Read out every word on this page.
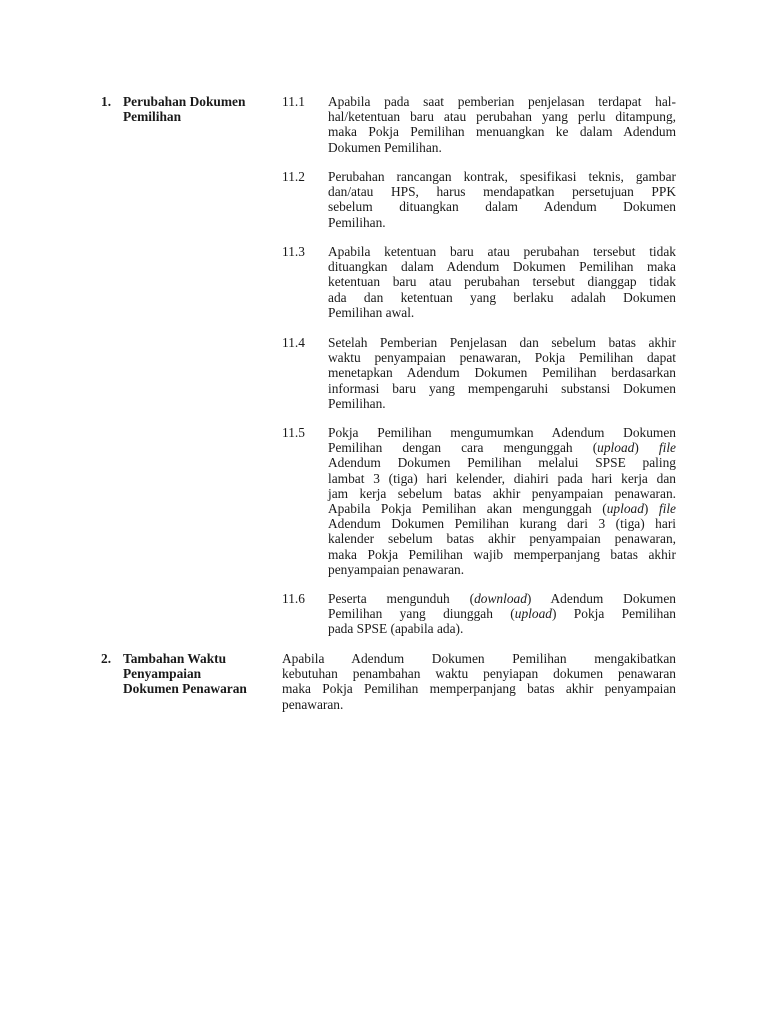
1. Perubahan Dokumen
Pemilihan
11.1 Apabila pada saat pemberian penjelasan terdapat hal-
hal/ketentuan baru atau perubahan yang perlu ditampung,
maka Pokja Pemilihan menuangkan ke dalam Adendum
Dokumen Pemilihan.
11.2 Perubahan rancangan kontrak, spesifikasi teknis, gambar
dan/atau HPS, harus mendapatkan persetujuan PPK
sebelum dituangkan dalam Adendum Dokumen
Pemilihan.
11.3 Apabila ketentuan baru atau perubahan tersebut tidak
dituangkan dalam Adendum Dokumen Pemilihan maka
ketentuan baru atau perubahan tersebut dianggap tidak
ada dan ketentuan yang berlaku adalah Dokumen
Pemilihan awal.
11.4 Setelah Pemberian Penjelasan dan sebelum batas akhir
waktu penyampaian penawaran, Pokja Pemilihan dapat
menetapkan Adendum Dokumen Pemilihan berdasarkan
informasi baru yang mempengaruhi substansi Dokumen
Pemilihan.
11.5 Pokja Pemilihan mengumumkan Adendum Dokumen
Pemilihan dengan cara mengunggah (upload) file
Adendum Dokumen Pemilihan melalui SPSE paling
lambat 3 (tiga) hari kelender, diahiri pada hari kerja dan
jam kerja sebelum batas akhir penyampaian penawaran.
Apabila Pokja Pemilihan akan mengunggah (upload) file
Adendum Dokumen Pemilihan kurang dari 3 (tiga) hari
kalender sebelum batas akhir penyampaian penawaran,
maka Pokja Pemilihan wajib memperpanjang batas akhir
penyampaian penawaran.
11.6 Peserta mengunduh (download) Adendum Dokumen
Pemilihan yang diunggah (upload) Pokja Pemilihan
pada SPSE (apabila ada).
2. Tambahan Waktu
Penyampaian
Dokumen Penawaran
Apabila Adendum Dokumen Pemilihan mengakibatkan
kebutuhan penambahan waktu penyiapan dokumen penawaran
maka Pokja Pemilihan memperpanjang batas akhir penyampaian
penawaran.
